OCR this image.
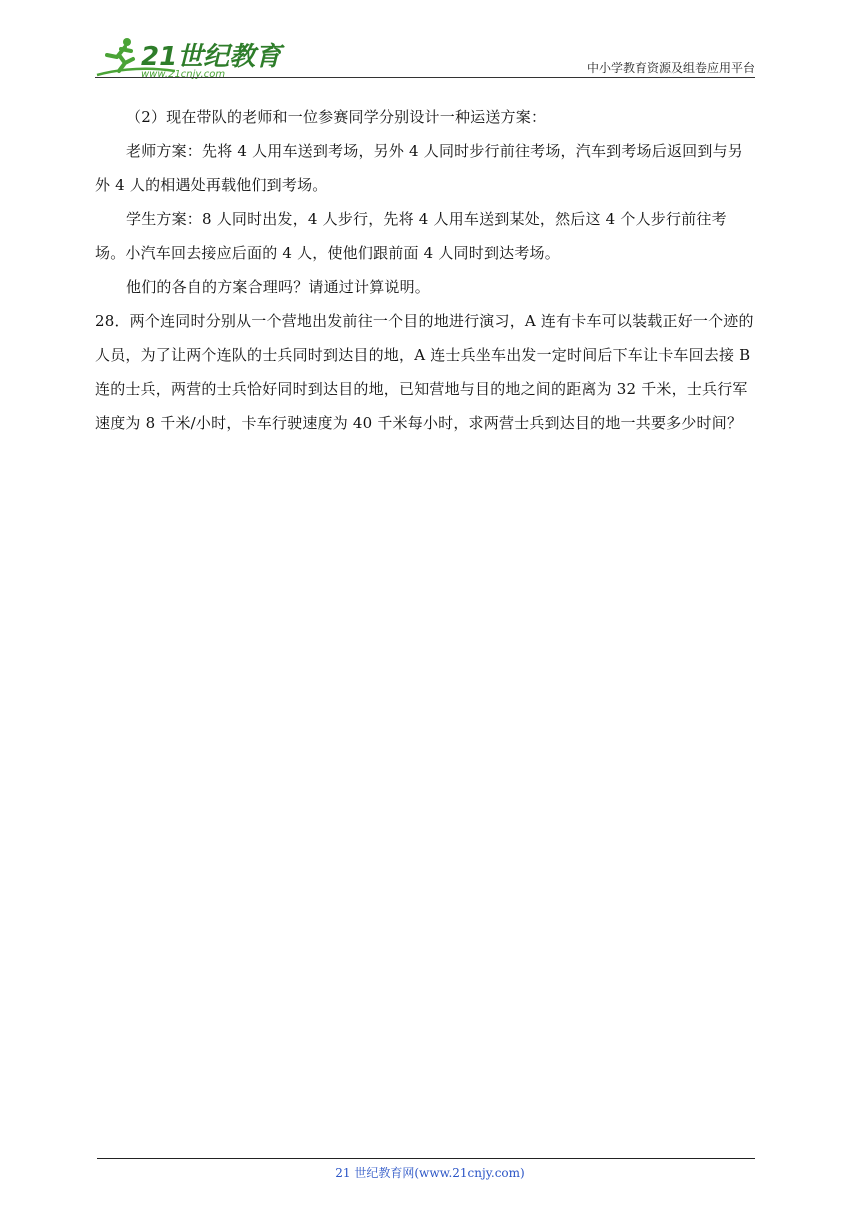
21世纪教育
www.21cnjy.com	中小学教育资源及组卷应用平台

（2）现在带队的老师和一位参赛同学分别设计一种运送方案：

老师方案：先将 4 人用车送到考场，另外 4 人同时步行前往考场，汽车到考场后返回到与另外 4 人的相遇处再载他们到考场。

学生方案：8 人同时出发，4 人步行，先将 4 人用车送到某处，然后这 4 个人步行前往考场。小汽车回去接应后面的 4 人，使他们跟前面 4 人同时到达考场。

他们的各自的方案合理吗？请通过计算说明。

28．两个连同时分别从一个营地出发前往一个目的地进行演习，A 连有卡车可以装载正好一个迹的人员，为了让两个连队的士兵同时到达目的地，A 连士兵坐车出发一定时间后下车让卡车回去接 B 连的士兵，两营的士兵恰好同时到达目的地，已知营地与目的地之间的距离为 32 千米，士兵行军速度为 8 千米/小时，卡车行驶速度为 40 千米每小时，求两营士兵到达目的地一共要多少时间？

21 世纪教育网(www.21cnjy.com)
